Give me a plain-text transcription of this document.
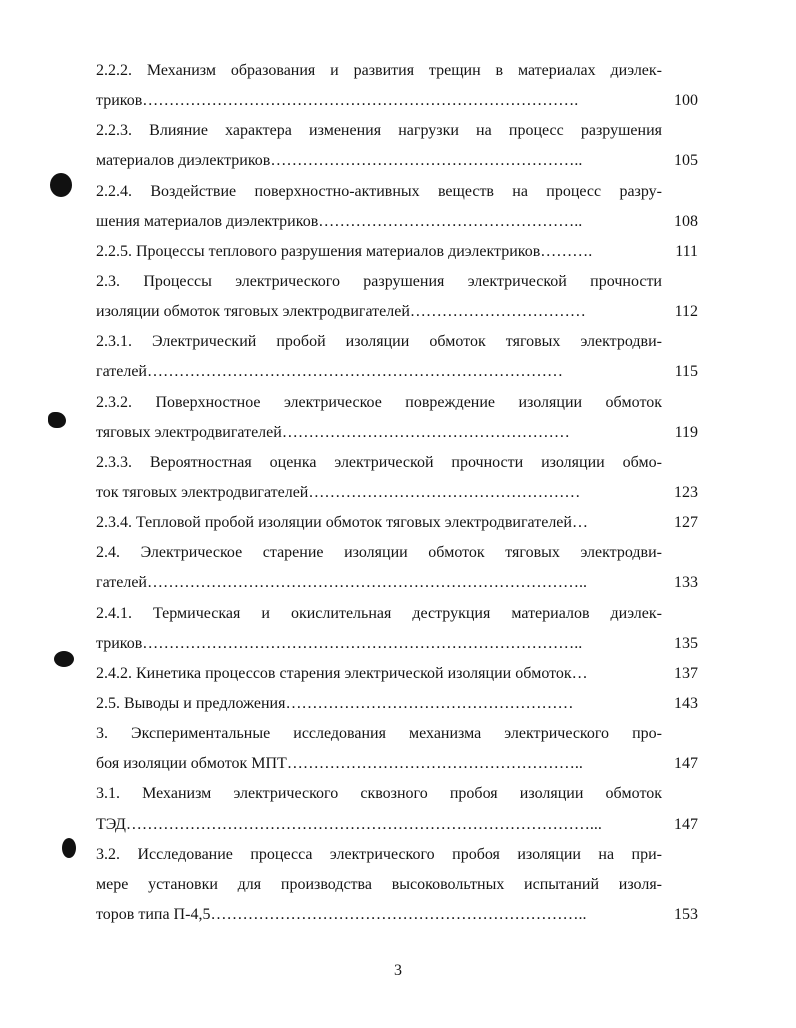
2.2.2. Механизм образования и развития трещин в материалах диэлек-
триков……………………………………………………………………….	100
2.2.3. Влияние характера изменения нагрузки на процесс разрушения
материалов диэлектриков…………………………………………………..	105
2.2.4. Воздействие поверхностно-активных веществ на процесс разру-
шения материалов диэлектриков…………………………………………..	108
2.2.5. Процессы теплового разрушения материалов диэлектриков……….	111
2.3. Процессы электрического разрушения электрической прочности
изоляции обмоток тяговых электродвигателей……………………………	112
2.3.1. Электрический пробой изоляции обмоток тяговых электродви-
гателей……………………………………………………………………	115
2.3.2. Поверхностное электрическое повреждение изоляции обмоток
тяговых электродвигателей………………………………………………	119
2.3.3. Вероятностная оценка электрической прочности изоляции обмо-
ток тяговых электродвигателей……………………………………………	123
2.3.4. Тепловой пробой изоляции обмоток тяговых электродвигателей…	127
2.4. Электрическое старение изоляции обмоток тяговых электродви-
гателей………………………………………………………………………..	133
2.4.1. Термическая и окислительная деструкция материалов диэлек-
триков………………………………………………………………………..	135
2.4.2. Кинетика процессов старения электрической изоляции обмоток…	137
2.5. Выводы и предложения………………………………………………	143
3. Экспериментальные исследования механизма электрического про-
боя изоляции обмоток МПТ………………………………………………..	147
3.1. Механизм электрического сквозного пробоя изоляции обмоток
ТЭД……………………………………………………………………………...	147
3.2. Исследование процесса электрического пробоя изоляции на при-
мере установки для производства высоковольтных испытаний изоля-
торов типа П-4,5……………………………………………………………..	153
3
